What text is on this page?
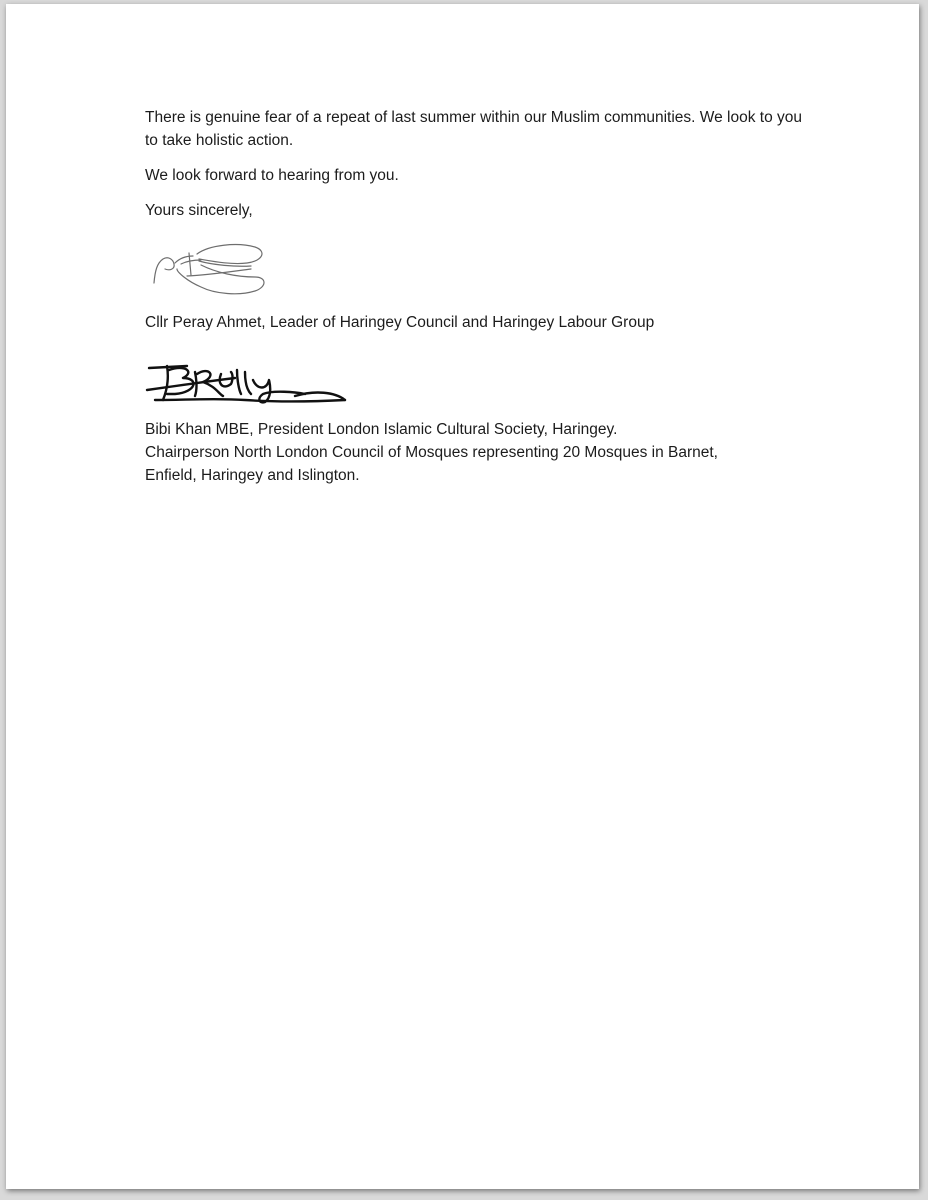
There is genuine fear of a repeat of last summer within our Muslim communities. We look to you to take holistic action.

We look forward to hearing from you.

Yours sincerely,

Cllr Peray Ahmet, Leader of Haringey Council and Haringey Labour Group

Bibi Khan MBE, President London Islamic Cultural Society, Haringey.

Chairperson North London Council of Mosques representing 20 Mosques in Barnet,

Enfield, Haringey and Islington.
